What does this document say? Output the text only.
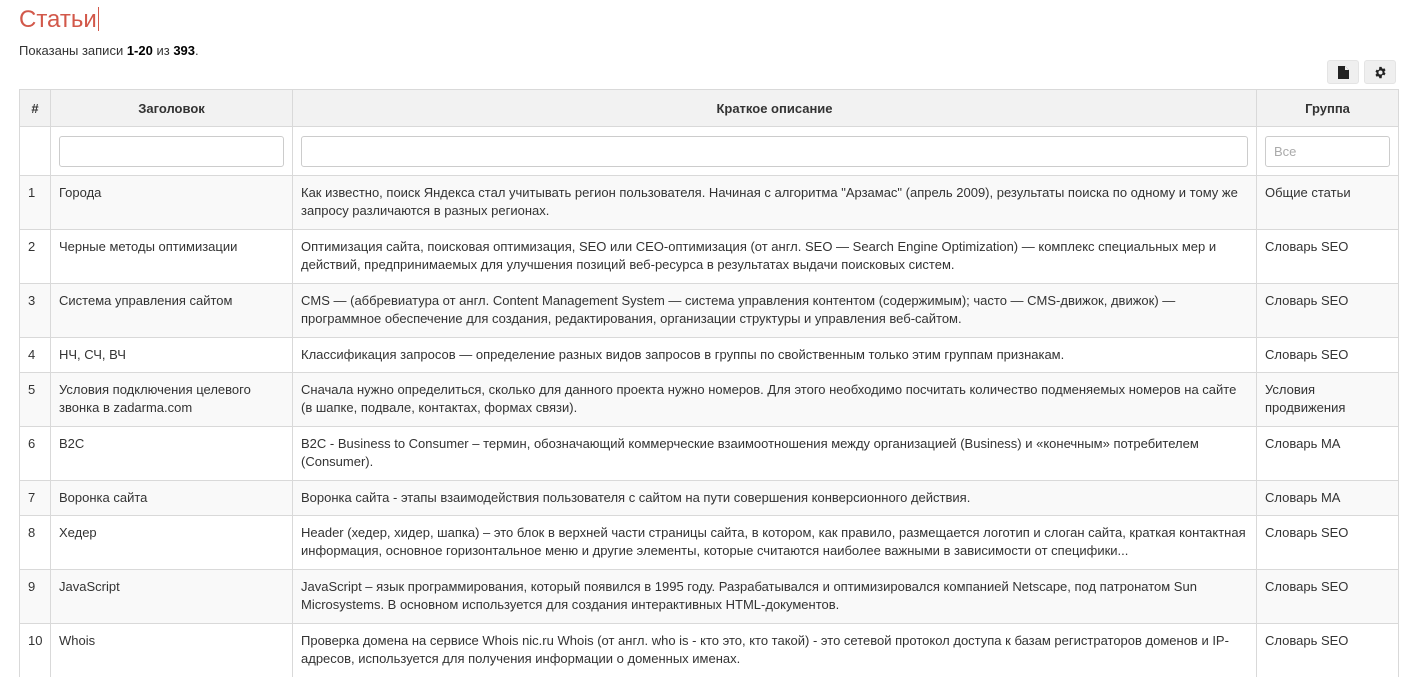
Статьи
Показаны записи 1-20 из 393.
#	Заголовок	Краткое описание	Группа
			Все
1	Города	Как известно, поиск Яндекса стал учитывать регион пользователя. Начиная с алгоритма "Арзамас" (апрель 2009), результаты поиска по одному и тому же запросу различаются в разных регионах.	Общие статьи
2	Черные методы оптимизации	Оптимизация сайта, поисковая оптимизация, SEO или СЕО-оптимизация (от англ. SEO — Search Engine Optimization) — комплекс специальных мер и действий, предпринимаемых для улучшения позиций веб-ресурса в результатах выдачи поисковых систем.	Словарь SEO
3	Система управления сайтом	CMS — (аббревиатура от англ. Content Management System — система управления контентом (содержимым); часто — CMS-движок, движок) — программное обеспечение для создания, редактирования, организации структуры и управления веб-сайтом.	Словарь SEO
4	НЧ, СЧ, ВЧ	Классификация запросов — определение разных видов запросов в группы по свойственным только этим группам признакам.	Словарь SEO
5	Условия подключения целевого звонка в zadarma.com	Сначала нужно определиться, сколько для данного проекта нужно номеров. Для этого необходимо посчитать количество подменяемых номеров на сайте (в шапке, подвале, контактах, формах связи).	Условия продвижения
6	B2C	B2C - Business to Consumer – термин, обозначающий коммерческие взаимоотношения между организацией (Business) и «конечным» потребителем (Consumer).	Словарь MA
7	Воронка сайта	Воронка сайта - этапы взаимодействия пользователя с сайтом на пути совершения конверсионного действия.	Словарь MA
8	Хедер	Header (хедер, хидер, шапка) – это блок в верхней части страницы сайта, в котором, как правило, размещается логотип и слоган сайта, краткая контактная информация, основное горизонтальное меню и другие элементы, которые считаются наиболее важными в зависимости от специфики...	Словарь SEO
9	JavaScript	JavaScript – язык программирования, который появился в 1995 году. Разрабатывался и оптимизировался компанией Netscape, под патронатом Sun Microsystems. В основном используется для создания интерактивных HTML-документов.	Словарь SEO
10	Whois	Проверка домена на сервисе Whois nic.ru Whois (от англ. who is - кто это, кто такой) - это сетевой протокол доступа к базам регистраторов доменов и IP-адресов, используется для получения информации о доменных именах.	Словарь SEO
